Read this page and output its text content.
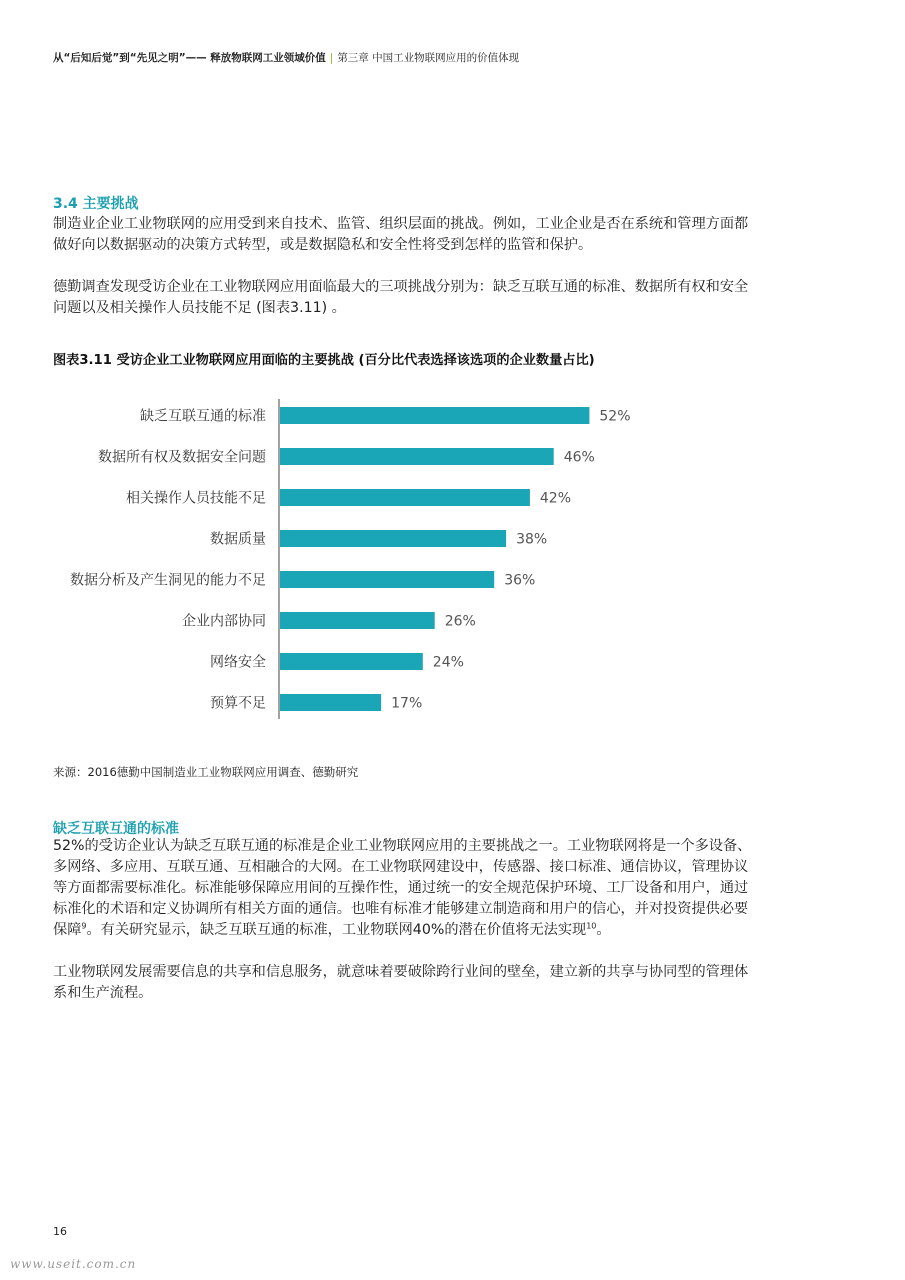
从“后知后觉”到“先见之明”—— 释放物联网工业领域价值 | 第三章 中国工业物联网应用的价值体现
3.4 主要挑战

制造业企业工业物联网的应用受到来自技术、监管、组织层面的挑战。例如，工业企业是否在系统和管理方面都做好向以数据驱动的决策方式转型，或是数据隐私和安全性将受到怎样的监管和保护。

德勤调查发现受访企业在工业物联网应用面临最大的三项挑战分别为：缺乏互联互通的标准、数据所有权和安全问题以及相关操作人员技能不足 (图表3.11) 。

图表3.11 受访企业工业物联网应用面临的主要挑战 (百分比代表选择该选项的企业数量占比)
缺乏互联互通的标准	52%
数据所有权及数据安全问题	46%
相关操作人员技能不足	42%
数据质量	38%
数据分析及产生洞见的能力不足	36%
企业内部协同	26%
网络安全	24%
预算不足	17%
来源：2016德勤中国制造业工业物联网应用调查、德勤研究
缺乏互联互通的标准

52%的受访企业认为缺乏互联互通的标准是企业工业物联网应用的主要挑战之一。工业物联网将是一个多设备、多网络、多应用、互联互通、互相融合的大网。在工业物联网建设中，传感器、接口标准、通信协议，管理协议等方面都需要标准化。标准能够保障应用间的互操作性，通过统一的安全规范保护环境、工厂设备和用户，通过标准化的术语和定义协调所有相关方面的通信。也唯有标准才能够建立制造商和用户的信心，并对投资提供必要保障$^9$。有关研究显示，缺乏互联互通的标准，工业物联网40%的潜在价值将无法实现$^{10}$。

工业物联网发展需要信息的共享和信息服务，就意味着要破除跨行业间的壁垒，建立新的共享与协同型的管理体系和生产流程。

16
www.useit.com.cn
